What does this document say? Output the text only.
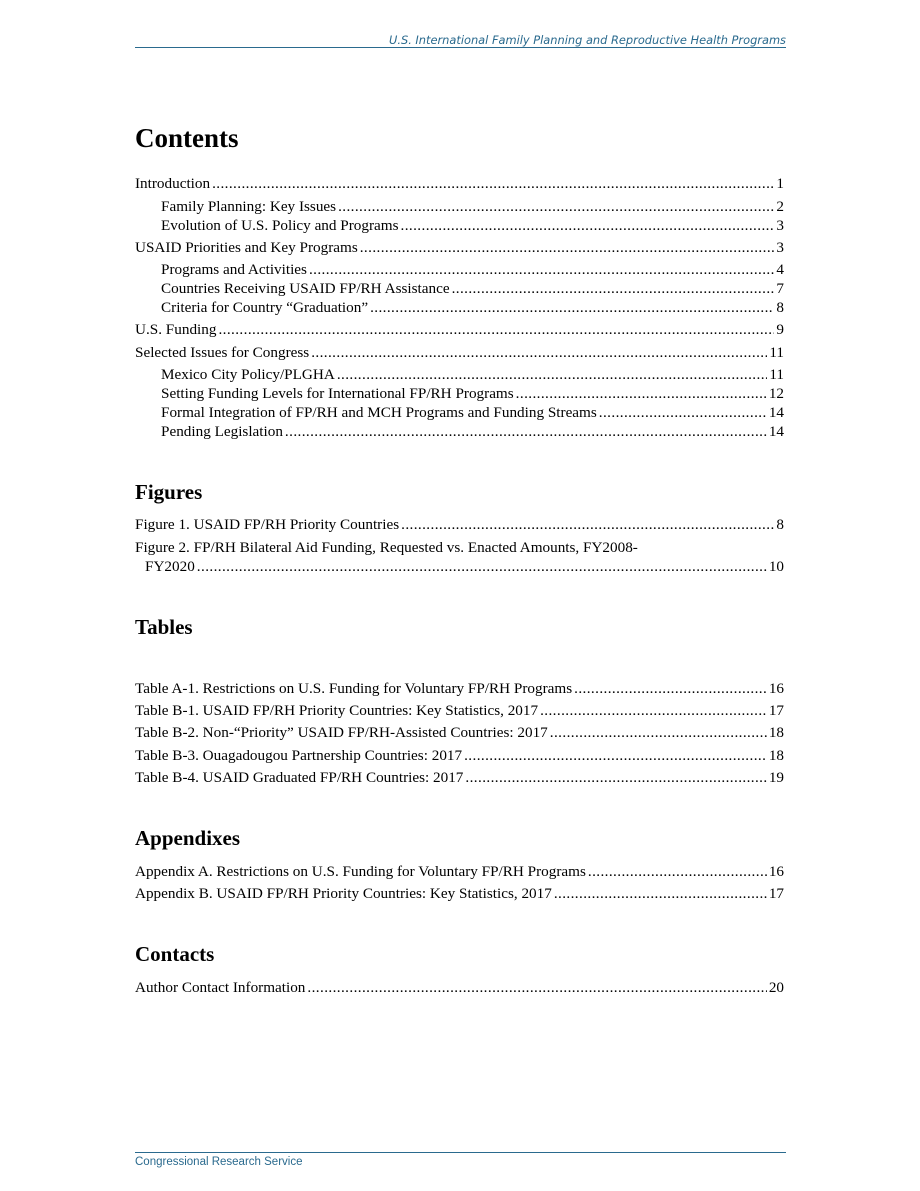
U.S. International Family Planning and Reproductive Health Programs
Contents
Introduction .....	1
Family Planning: Key Issues .....	2
Evolution of U.S. Policy and Programs .....	3
USAID Priorities and Key Programs .....	3
Programs and Activities .....	4
Countries Receiving USAID FP/RH Assistance .....	7
Criteria for Country “Graduation” .....	8
U.S. Funding .....	9
Selected Issues for Congress .....	11
Mexico City Policy/PLGHA .....	11
Setting Funding Levels for International FP/RH Programs .....	12
Formal Integration of FP/RH and MCH Programs and Funding Streams .....	14
Pending Legislation .....	14
Figures
Figure 1. USAID FP/RH Priority Countries .....	8
Figure 2. FP/RH Bilateral Aid Funding, Requested vs. Enacted Amounts, FY2008-
FY2020 .....	10
Tables
Table A-1. Restrictions on U.S. Funding for Voluntary FP/RH Programs .....	16
Table B-1. USAID FP/RH Priority Countries: Key Statistics, 2017 .....	17
Table B-2. Non-“Priority” USAID FP/RH-Assisted Countries: 2017 .....	18
Table B-3. Ouagadougou Partnership Countries: 2017 .....	18
Table B-4. USAID Graduated FP/RH Countries: 2017 .....	19
Appendixes
Appendix A. Restrictions on U.S. Funding for Voluntary FP/RH Programs .....	16
Appendix B. USAID FP/RH Priority Countries: Key Statistics, 2017 .....	17
Contacts
Author Contact Information .....	20
Congressional Research Service
